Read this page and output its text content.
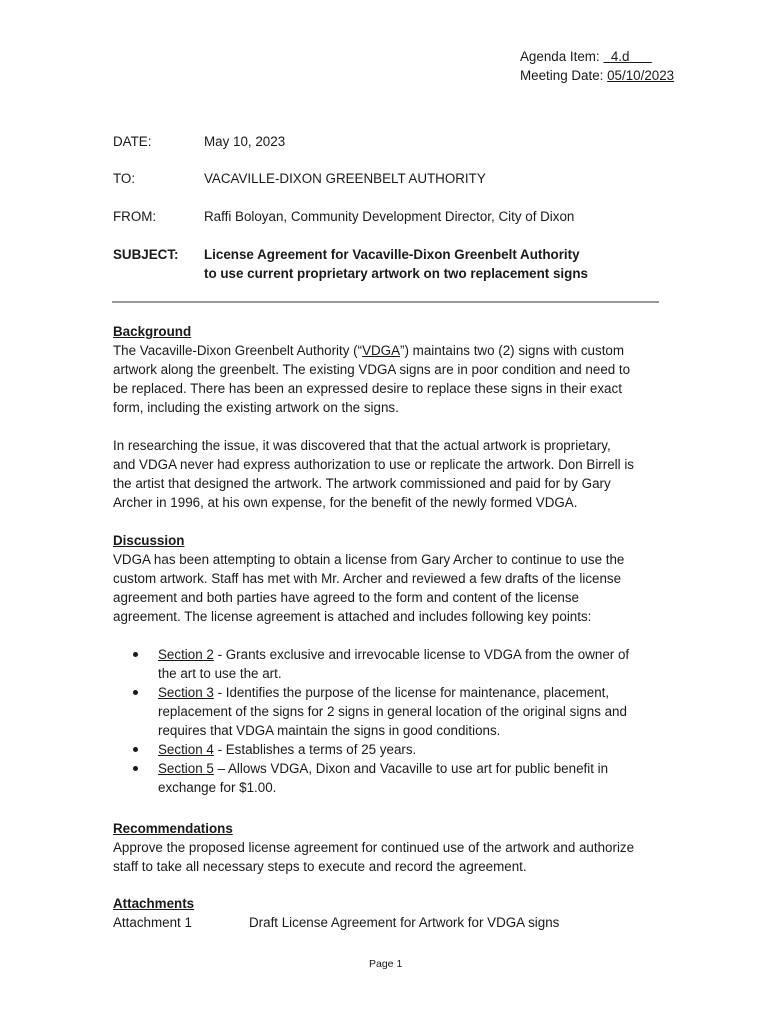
Agenda Item: 4.d
Meeting Date: 05/10/2023
DATE:	May 10, 2023
TO:	VACAVILLE-DIXON GREENBELT AUTHORITY
FROM:	Raffi Boloyan, Community Development Director, City of Dixon
SUBJECT: License Agreement for Vacaville-Dixon Greenbelt Authority
to use current proprietary artwork on two replacement signs
Background
The Vacaville-Dixon Greenbelt Authority (“VDGA”) maintains two (2) signs with custom
artwork along the greenbelt. The existing VDGA signs are in poor condition and need to
be replaced. There has been an expressed desire to replace these signs in their exact
form, including the existing artwork on the signs.
In researching the issue, it was discovered that that the actual artwork is proprietary,
and VDGA never had express authorization to use or replicate the artwork. Don Birrell is
the artist that designed the artwork. The artwork commissioned and paid for by Gary
Archer in 1996, at his own expense, for the benefit of the newly formed VDGA.
Discussion
VDGA has been attempting to obtain a license from Gary Archer to continue to use the
custom artwork. Staff has met with Mr. Archer and reviewed a few drafts of the license
agreement and both parties have agreed to the form and content of the license
agreement. The license agreement is attached and includes following key points:
Section 2 - Grants exclusive and irrevocable license to VDGA from the owner of
the art to use the art.
Section 3 - Identifies the purpose of the license for maintenance, placement,
replacement of the signs for 2 signs in general location of the original signs and
requires that VDGA maintain the signs in good conditions.
Section 4 - Establishes a terms of 25 years.
Section 5 – Allows VDGA, Dixon and Vacaville to use art for public benefit in
exchange for $1.00.
Recommendations
Approve the proposed license agreement for continued use of the artwork and authorize
staff to take all necessary steps to execute and record the agreement.
Attachments
Attachment 1	Draft License Agreement for Artwork for VDGA signs
Page 1
